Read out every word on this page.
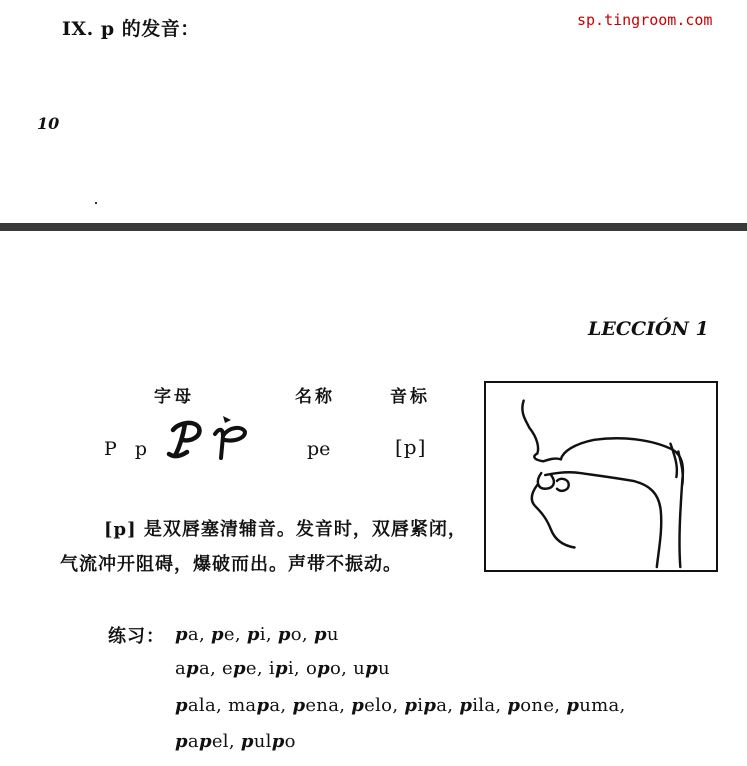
IX. p 的发音：	sp.tingroom.com
10
LECCIÓN 1
字母	名称	音标
P p	pe	[p]

[p] 是双唇塞清辅音。发音时，双唇紧闭，气流冲开阻碍，爆破而出。声带不振动。

练习： pa, pe, pi, po, pu
apa, epe, ipi, opo, upu
pala, mapa, pena, pelo, pipa, pila, pone, puma,
papel, pulpo
